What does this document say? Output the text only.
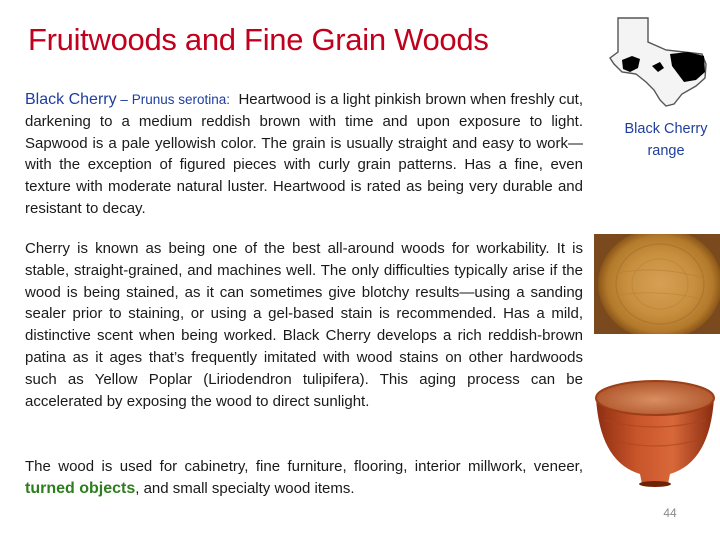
Fruitwoods and Fine Grain Woods

Black Cherry – Prunus serotina: Heartwood is a light pinkish brown when freshly cut, darkening to a medium reddish brown with time and upon exposure to light. Sapwood is a pale yellowish color. The grain is usually straight and easy to work—with the exception of figured pieces with curly grain patterns. Has a fine, even texture with moderate natural luster. Heartwood is rated as being very durable and resistant to decay.

Cherry is known as being one of the best all-around woods for workability. It is stable, straight-grained, and machines well. The only difficulties typically arise if the wood is being stained, as it can sometimes give blotchy results—using a sanding sealer prior to staining, or using a gel-based stain is recommended. Has a mild, distinctive scent when being worked. Black Cherry develops a rich reddish-brown patina as it ages that’s frequently imitated with wood stains on other hardwoods such as Yellow Poplar (Liriodendron tulipifera). This aging process can be accelerated by exposing the wood to direct sunlight.

The wood is used for cabinetry, fine furniture, flooring, interior millwork, veneer, turned objects, and small specialty wood items.

Black Cherry range
44
